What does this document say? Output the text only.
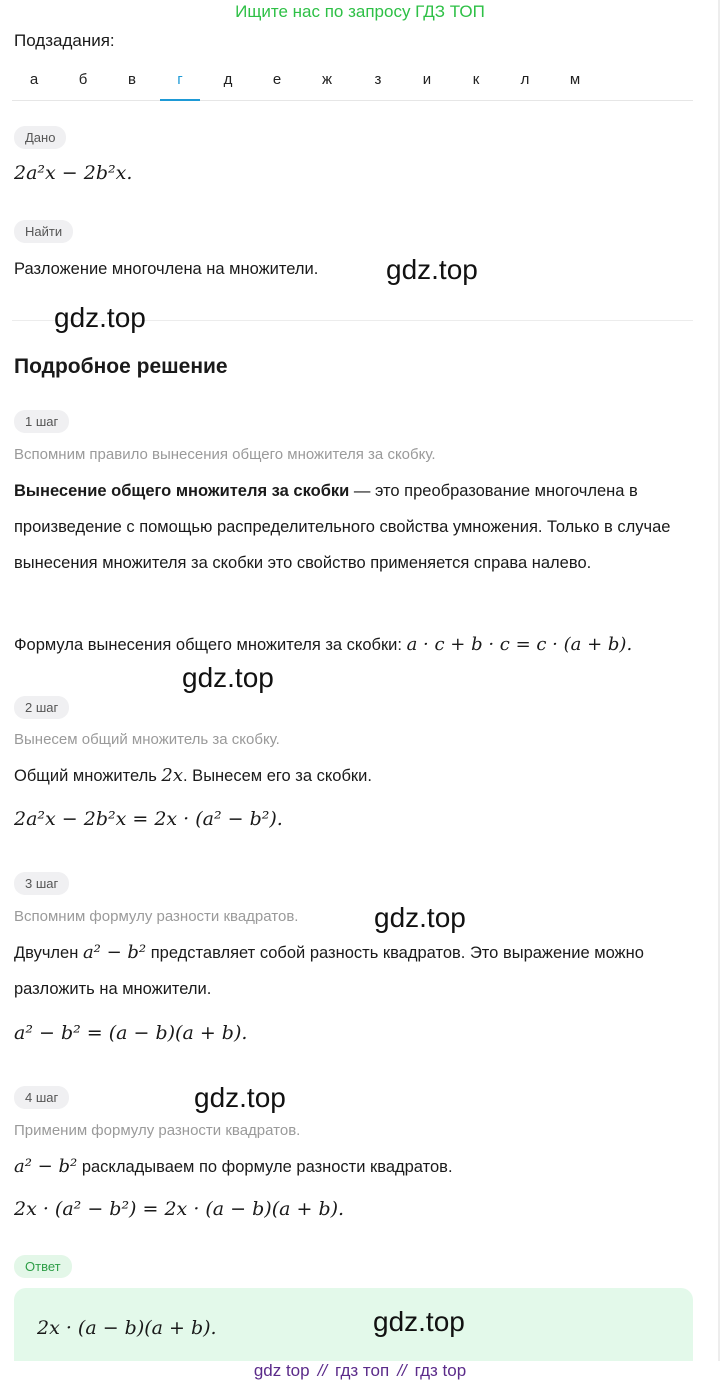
Ищите нас по запросу ГДЗ ТОП
Подзадания:
а	б	в	г	д	е	ж	з	и	к	л	м
Дано
2a²x − 2b²x.
Найти
Разложение многочлена на множители. gdz.top
gdz.top
Подробное решение
1 шаг
Вспомним правило вынесения общего множителя за скобку.
Вынесение общего множителя за скобки — это преобразование многочлена в произведение с помощью распределительного свойства умножения. Только в случае вынесения множителя за скобки это свойство применяется справа налево.
Формула вынесения общего множителя за скобки: a · c + b · c = c · (a + b).
gdz.top
2 шаг
Вынесем общий множитель за скобку.
Общий множитель 2x. Вынесем его за скобки.
2a²x − 2b²x = 2x · (a² − b²).
3 шаг
Вспомним формулу разности квадратов.	gdz.top
Двучлен a² − b² представляет собой разность квадратов. Это выражение можно разложить на множители.
a² − b² = (a − b)(a + b).
gdz.top
4 шаг
Применим формулу разности квадратов.
a² − b² раскладываем по формуле разности квадратов.
2x · (a² − b²) = 2x · (a − b)(a + b).
Ответ
2x · (a − b)(a + b).	gdz.top
gdz top // гдз топ // гдз top
